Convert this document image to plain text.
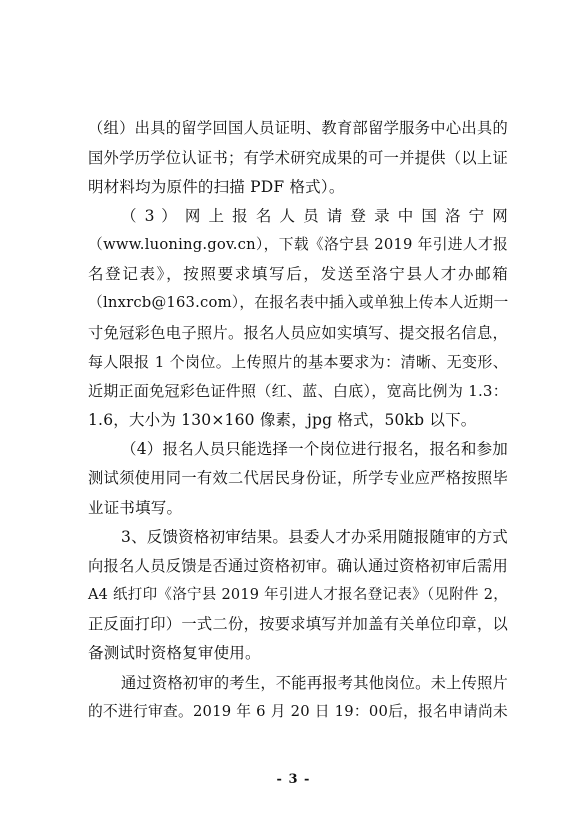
（组）出具的留学回国人员证明、教育部留学服务中心出具的
国外学历学位认证书；有学术研究成果的可一并提供（以上证
明材料均为原件的扫描 PDF 格式）。
（ 3 ） 网 上 报 名 人 员 请 登 录 中 国 洛 宁 网
（www.luoning.gov.cn），下载《洛宁县 2019 年引进人才报
名登记表》，按照要求填写后，发送至洛宁县人才办邮箱
（lnxrcb@163.com），在报名表中插入或单独上传本人近期一
寸免冠彩色电子照片。报名人员应如实填写、提交报名信息，
每人限报 1 个岗位。上传照片的基本要求为：清晰、无变形、
近期正面免冠彩色证件照（红、蓝、白底），宽高比例为 1.3：
1.6，大小为 130×160 像素，jpg 格式，50kb 以下。
（4）报名人员只能选择一个岗位进行报名，报名和参加
测试须使用同一有效二代居民身份证，所学专业应严格按照毕
业证书填写。
3、反馈资格初审结果。县委人才办采用随报随审的方式
向报名人员反馈是否通过资格初审。确认通过资格初审后需用
A4 纸打印《洛宁县 2019 年引进人才报名登记表》（见附件 2，
正反面打印）一式二份，按要求填写并加盖有关单位印章，以
备测试时资格复审使用。
通过资格初审的考生，不能再报考其他岗位。未上传照片
的不进行审查。2019 年 6 月 20 日 19：00后，报名申请尚未
- 3 -
